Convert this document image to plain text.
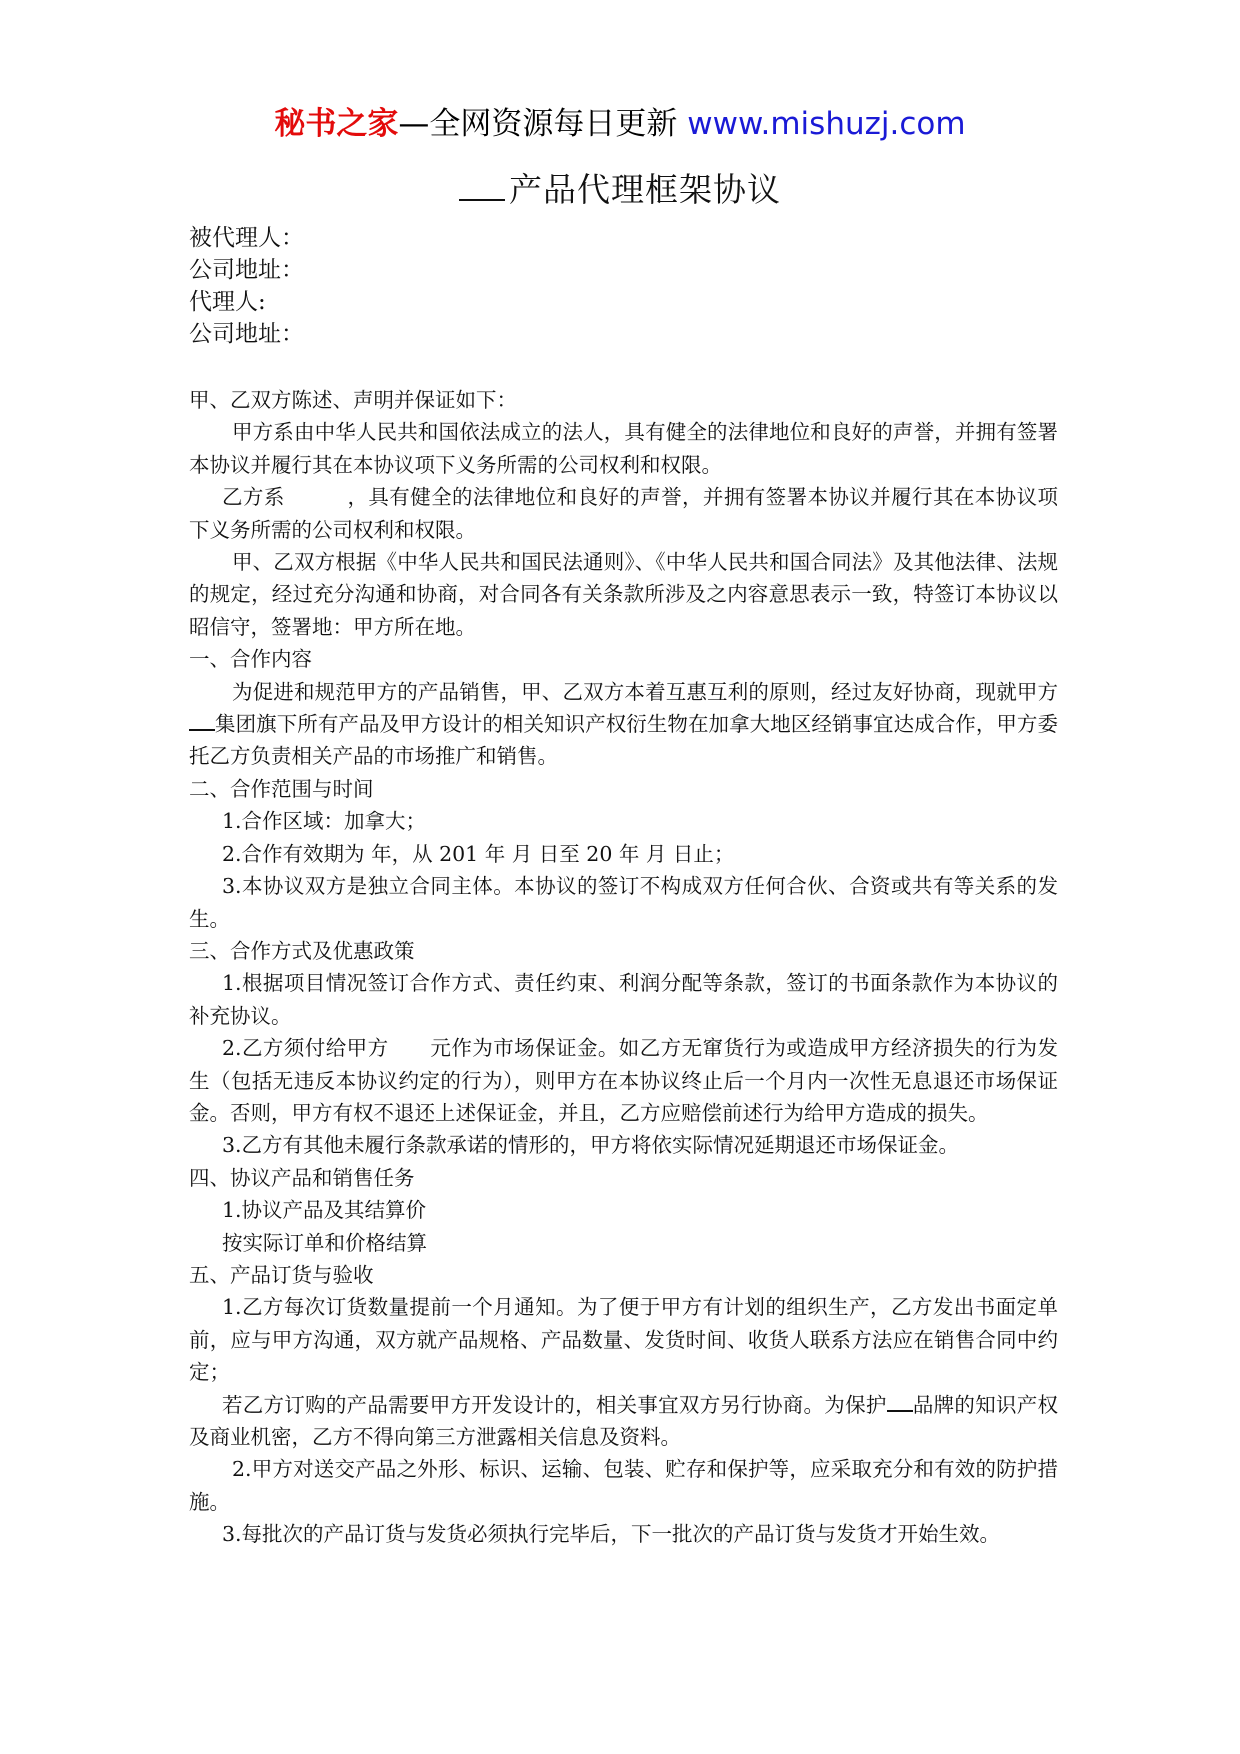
秘书之家—全网资源每日更新 www.mishuzj.com
产品代理框架协议
被代理人：
公司地址：
代理人:
公司地址：

甲、乙双方陈述、声明并保证如下：

甲方系由中华人民共和国依法成立的法人，具有健全的法律地位和良好的声誉，并拥有签署本协议并履行其在本协议项下义务所需的公司权利和权限。

乙方系　　　，具有健全的法律地位和良好的声誉，并拥有签署本协议并履行其在本协议项下义务所需的公司权利和权限。

甲、乙双方根据《中华人民共和国民法通则》、《中华人民共和国合同法》及其他法律、法规的规定，经过充分沟通和协商，对合同各有关条款所涉及之内容意思表示一致，特签订本协议以昭信守，签署地：甲方所在地。

一、合作内容

为促进和规范甲方的产品销售，甲、乙双方本着互惠互利的原则，经过友好协商，现就甲方集团旗下所有产品及甲方设计的相关知识产权衍生物在加拿大地区经销事宜达成合作，甲方委托乙方负责相关产品的市场推广和销售。

二、合作范围与时间

1.合作区域：加拿大；

2.合作有效期为 年，从 201 年 月 日至 20 年 月 日止；

3.本协议双方是独立合同主体。本协议的签订不构成双方任何合伙、合资或共有等关系的发生。

三、合作方式及优惠政策

1.根据项目情况签订合作方式、责任约束、利润分配等条款，签订的书面条款作为本协议的补充协议。

2.乙方须付给甲方　　元作为市场保证金。如乙方无窜货行为或造成甲方经济损失的行为发生（包括无违反本协议约定的行为），则甲方在本协议终止后一个月内一次性无息退还市场保证金。否则，甲方有权不退还上述保证金，并且，乙方应赔偿前述行为给甲方造成的损失。

3.乙方有其他未履行条款承诺的情形的，甲方将依实际情况延期退还市场保证金。

四、协议产品和销售任务

1.协议产品及其结算价

按实际订单和价格结算

五、产品订货与验收

1.乙方每次订货数量提前一个月通知。为了便于甲方有计划的组织生产，乙方发出书面定单前，应与甲方沟通，双方就产品规格、产品数量、发货时间、收货人联系方法应在销售合同中约定；

若乙方订购的产品需要甲方开发设计的，相关事宜双方另行协商。为保护 品牌的知识产权及商业机密，乙方不得向第三方泄露相关信息及资料。

2.甲方对送交产品之外形、标识、运输、包装、贮存和保护等，应采取充分和有效的防护措施。

3.每批次的产品订货与发货必须执行完毕后，下一批次的产品订货与发货才开始生效。
